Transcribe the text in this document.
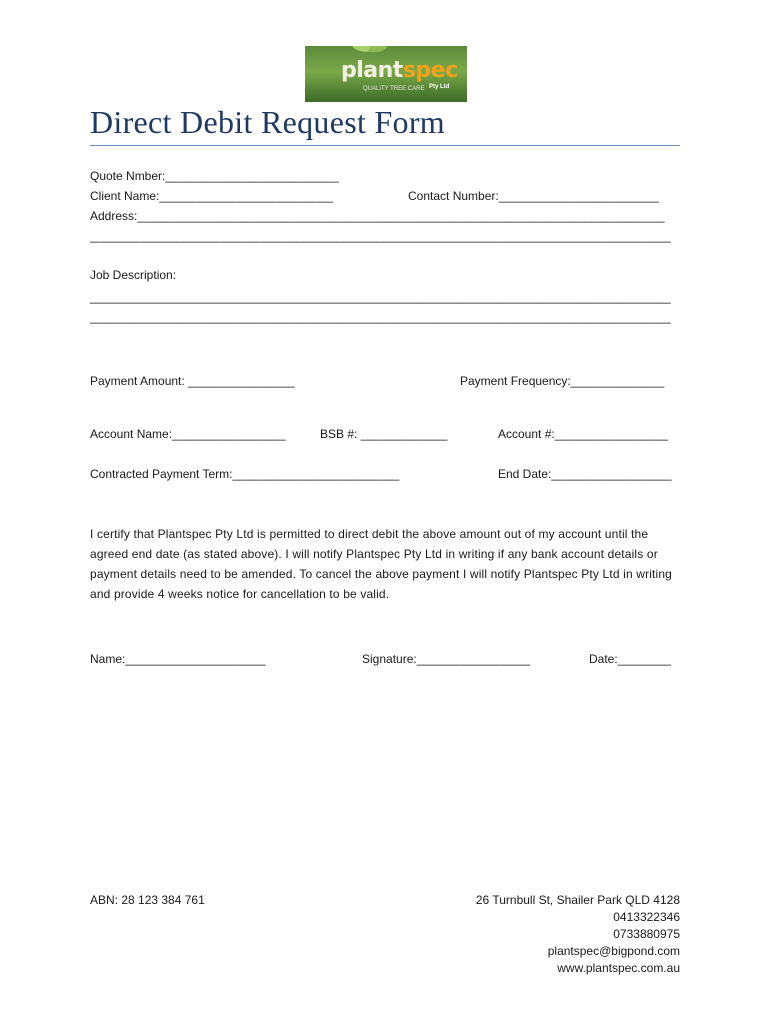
plantspec
QUALITY TREE CARE Pty Ltd
Direct Debit Request Form
Quote Nmber:__________________________
Client Name:__________________________	Contact Number:________________________
Address:_______________________________________________________________________________
_______________________________________________________________________________________
Job Description:
_______________________________________________________________________________________
_______________________________________________________________________________________
Payment Amount: ________________	Payment Frequency:______________
Account Name:_________________	BSB #: _____________	Account #:_________________
Contracted Payment Term:_________________________	End Date:__________________
I certify that Plantspec Pty Ltd is permitted to direct debit the above amount out of my account until the agreed end date (as stated above). I will notify Plantspec Pty Ltd in writing if any bank account details or payment details need to be amended. To cancel the above payment I will notify Plantspec Pty Ltd in writing and provide 4 weeks notice for cancellation to be valid.
Name:_____________________	Signature:_________________	Date:________
ABN: 28 123 384 761	26 Turnbull St, Shailer Park QLD 4128
0413322346
0733880975
plantspec@bigpond.com
www.plantspec.com.au
